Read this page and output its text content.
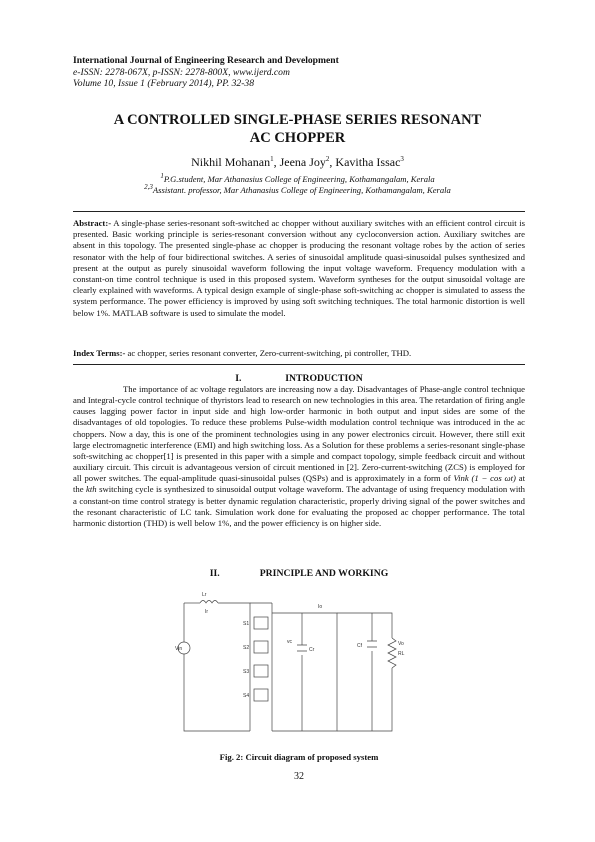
International Journal of Engineering Research and Development
e-ISSN: 2278-067X, p-ISSN: 2278-800X, www.ijerd.com
Volume 10, Issue 1 (February 2014), PP. 32-38
A CONTROLLED SINGLE-PHASE SERIES RESONANT
AC CHOPPER
Nikhil Mohanan$^1$, Jeena Joy$^2$, Kavitha Issac$^3$
$^1$P.G.student, Mar Athanasius College of Engineering, Kothamangalam, Kerala
$^{2,3}$Assistant. professor, Mar Athanasius College of Engineering, Kothamangalam, Kerala
Abstract:- A single-phase series-resonant soft-switched ac chopper without auxiliary switches with an efficient control circuit is presented. Basic working principle is series-resonant conversion without any cycloconversion action. Auxiliary switches are absent in this topology. The presented single-phase ac chopper is producing the resonant voltage robes by the action of series resonator with the help of four bidirectional switches. A series of sinusoidal amplitude quasi-sinusoidal pulses synthesized and present at the output as purely sinusoidal waveform following the input voltage waveform. Frequency modulation with a constant-on time control technique is used in this proposed system. Waveform syntheses for the output sinusoidal voltage are clearly explained with waveforms. A typical design example of single-phase soft-switching ac chopper is simulated to assess the system performance. The power efficiency is improved by using soft switching techniques. The total harmonic distortion is well below 1%. MATLAB software is used to simulate the model.
Index Terms:- ac chopper, series resonant converter, Zero-current-switching, pi controller, THD.
I.	INTRODUCTION
The importance of ac voltage regulators are increasing now a day. Disadvantages of Phase-angle control technique and Integral-cycle control technique of thyristors lead to research on new technologies in this area. The retardation of firing angle causes lagging power factor in input side and high low-order harmonic in both output and input sides are some of the disadvantages of old topologies. To reduce these problems Pulse-width modulation control technique was introduced in the ac choppers. Now a day, this is one of the prominent technologies using in any power electronics circuit. However, there still exit large electromagnetic interference (EMI) and high switching loss. As a Solution for these problems a series-resonant single-phase soft-switching ac chopper[1] is presented in this paper with a simple and compact topology, simple feedback circuit and without auxiliary circuit. This circuit is advantageous version of circuit mentioned in [2]. Zero-current-switching (ZCS) is employed for all power switches. The equal-amplitude quasi-sinusoidal pulses (QSPs) and is approximately in a form of Vink (1 − cos ωt) at the kth switching cycle is synthesized to sinusoidal output voltage waveform. The advantage of using frequency modulation with a constant-on time control strategy is better dynamic regulation characteristic, properly driving signal of the power switches and the resonant characteristic of LC tank. Simulation work done for evaluating the proposed ac chopper performance. The total harmonic distortion (THD) is well below 1%, and the power efficiency is on higher side.
II.	PRINCIPLE AND WORKING
Vin
Lr
Ir
S1
S2
S3
S4
Io
vc
Cr
Cf
RL
Vo
Fig. 2: Circuit diagram of proposed system
32
